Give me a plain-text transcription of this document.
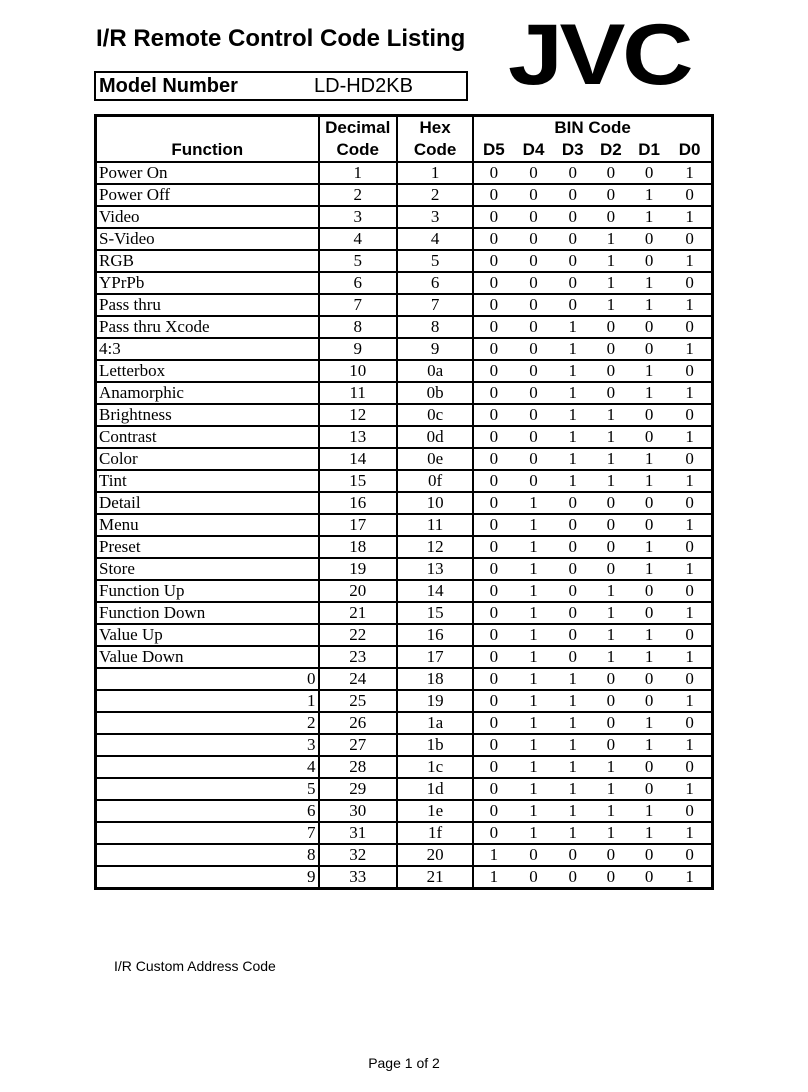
I/R Remote Control Code Listing JVC
Model Number	LD-HD2KB
	Decimal	Hex	BIN Code					
Function	Code	Code	D5	D4	D3	D2	D1	D0
Power On	1	1	0	0	0	0	0	1
Power Off	2	2	0	0	0	0	1	0
Video	3	3	0	0	0	0	1	1
S-Video	4	4	0	0	0	1	0	0
RGB	5	5	0	0	0	1	0	1
YPrPb	6	6	0	0	0	1	1	0
Pass thru	7	7	0	0	0	1	1	1
Pass thru Xcode	8	8	0	0	1	0	0	0
4:3	9	9	0	0	1	0	0	1
Letterbox	10	0a	0	0	1	0	1	0
Anamorphic	11	0b	0	0	1	0	1	1
Brightness	12	0c	0	0	1	1	0	0
Contrast	13	0d	0	0	1	1	0	1
Color	14	0e	0	0	1	1	1	0
Tint	15	0f	0	0	1	1	1	1
Detail	16	10	0	1	0	0	0	0
Menu	17	11	0	1	0	0	0	1
Preset	18	12	0	1	0	0	1	0
Store	19	13	0	1	0	0	1	1
Function Up	20	14	0	1	0	1	0	0
Function Down	21	15	0	1	0	1	0	1
Value Up	22	16	0	1	0	1	1	0
Value Down	23	17	0	1	0	1	1	1
0	24	18	0	1	1	0	0	0
1	25	19	0	1	1	0	0	1
2	26	1a	0	1	1	0	1	0
3	27	1b	0	1	1	0	1	1
4	28	1c	0	1	1	1	0	0
5	29	1d	0	1	1	1	0	1
6	30	1e	0	1	1	1	1	0
7	31	1f	0	1	1	1	1	1
8	32	20	1	0	0	0	0	0
9	33	21	1	0	0	0	0	1
I/R Custom Address Code
Page 1 of 2
